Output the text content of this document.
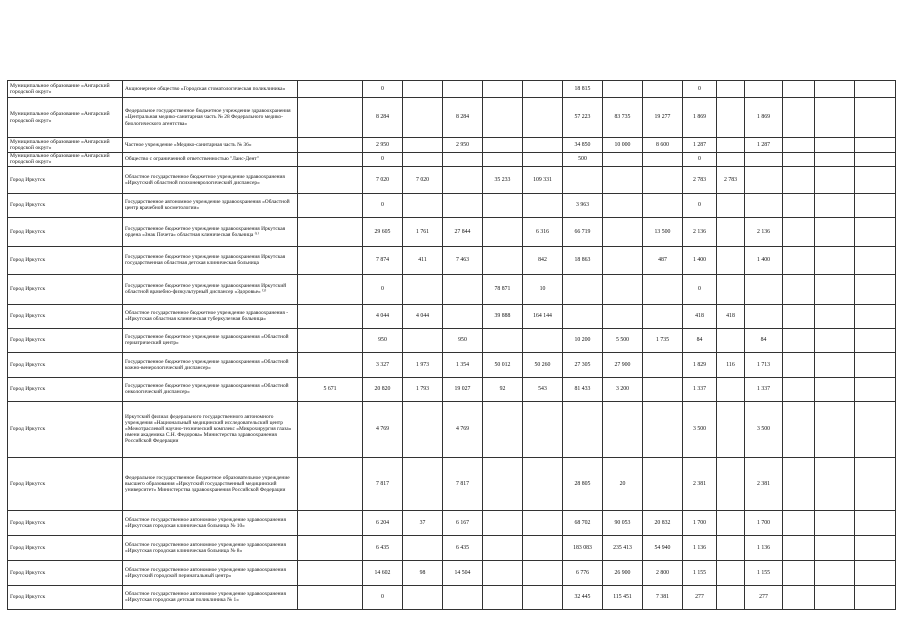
Муниципальное образование «Ангарский городской округ»	Акционерное общество «Городская стоматологическая поликлиника»		0					18 815			0					
Муниципальное образование «Ангарский городской округ»	Федеральное государственное бюджетное учреждение здравоохранения «Центральная медико-санитарная часть № 28 Федерального медико-биологического агентства»		8 284		8 284			57 223	83 735	19 277	1 869		1 869			
Муниципальное образование «Ангарский городской округ»	Частное учреждение «Медико-санитарная часть № 36»		2 950		2 950			34 850	10 000	8 600	1 287		1 287			
Муниципальное образование «Ангарский городской округ»	Общество с ограниченной ответственностью "Ланс-Дент"		0					500			0					
Город Иркутск	Областное государственное бюджетное учреждение здравоохранения «Иркутский областной психоневрологический диспансер»		7 020	7 020		35 233	109 331				2 783	2 783				
Город Иркутск	Государственное автономное учреждение здравоохранения «Областной центр врачебной косметологии»		0					3 963			0					
Город Иркутск	Государственное бюджетное учреждение здравоохранения Иркутская ордена «Знак Почета» областная клиническая больница ⁽¹⁾		29 605	1 761	27 844		6 316	66 719		13 500	2 136		2 136			
Город Иркутск	Государственное бюджетное учреждение здравоохранения Иркутская государственная областная детская клиническая больница		7 874	411	7 463		842	18 863		487	1 400		1 400			
Город Иркутск	Государственное бюджетное учреждение здравоохранения Иркутский областной врачебно-физкультурный диспансер «Здоровье» ⁽²⁾		0			78 871	10				0					
Город Иркутск	Областное государственное бюджетное учреждение здравоохранения - «Иркутская областная клиническая туберкулезная больница»		4 044	4 044		39 888	164 144				418	418				
Город Иркутск	Государственное бюджетное учреждение здравоохранения «Областной гериатрический центр»		950		950			10 200	5 500	1 735	84		84			
Город Иркутск	Государственное бюджетное учреждение здравоохранения «Областной кожно-венерологический диспансер»		3 327	1 973	1 354	50 012	50 260	27 305	27 900		1 829	116	1 713			
Город Иркутск	Государственное бюджетное учреждение здравоохранения «Областной онкологический диспансер»	5 671	20 820	1 793	19 027	92	543	81 433	3 200		1 337		1 337			
Город Иркутск	Иркутский филиал федерального государственного автономного учреждения «Национальный медицинский исследовательский центр «Межотраслевой научно-технический комплекс «Микрохирургия глаза» имени академика С.Н. Федорова» Министерства здравоохранения Российской Федерации		4 769		4 769						3 500		3 500			
Город Иркутск	Федеральное государственное бюджетное образовательное учреждение высшего образования «Иркутский государственный медицинский университет» Министерства здравоохранения Российской Федерации		7 817		7 817			28 805	20		2 381		2 381			
Город Иркутск	Областное государственное автономное учреждение здравоохранения «Иркутская городская клиническая больница № 10»		6 204	37	6 167			68 702	90 053	20 832	1 700		1 700			
Город Иркутск	Областное государственное автономное учреждение здравоохранения «Иркутская городская клиническая больница № 8»		6 435		6 435			183 083	235 413	54 940	1 136		1 136			
Город Иркутск	Областное государственное автономное учреждение здравоохранения «Иркутский городской перинатальный центр»		14 602	98	14 504			6 776	26 900	2 800	1 155		1 155			
Город Иркутск	Областное государственное автономное учреждение здравоохранения «Иркутская городская детская поликлиника № 1»		0					32 445	115 451	7 381	277		277			
